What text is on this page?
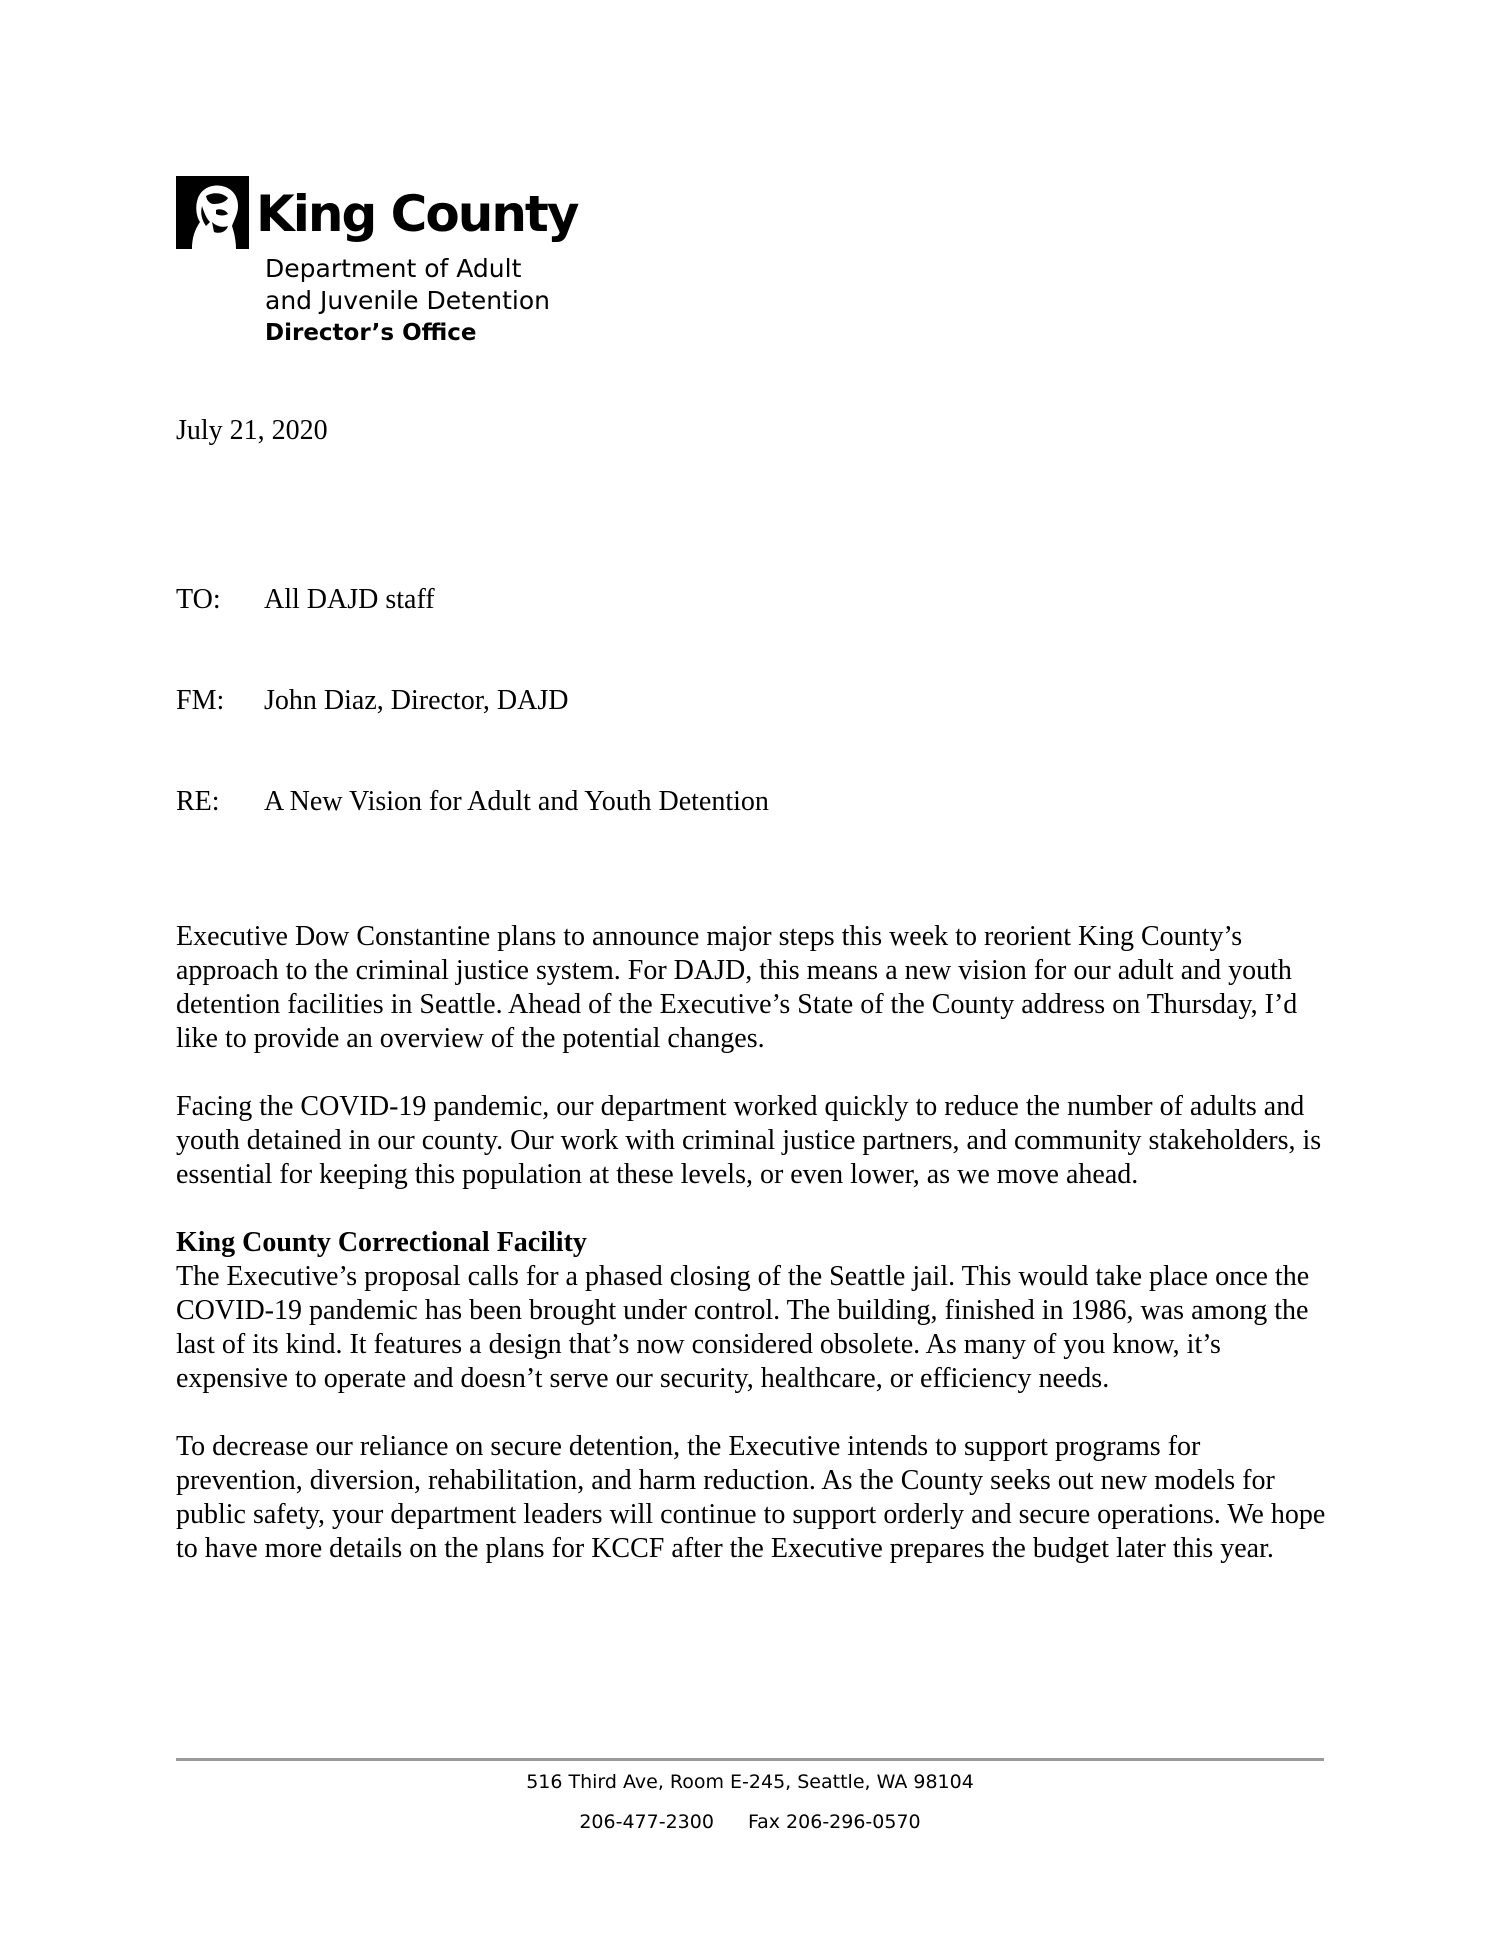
King County
Department of Adult
and Juvenile Detention
Director’s Office
July 21, 2020
TO: All DAJD staff
FM: John Diaz, Director, DAJD
RE: A New Vision for Adult and Youth Detention

Executive Dow Constantine plans to announce major steps this week to reorient King County’s approach to the criminal justice system. For DAJD, this means a new vision for our adult and youth detention facilities in Seattle. Ahead of the Executive’s State of the County address on Thursday, I’d like to provide an overview of the potential changes.

Facing the COVID-19 pandemic, our department worked quickly to reduce the number of adults and youth detained in our county. Our work with criminal justice partners, and community stakeholders, is essential for keeping this population at these levels, or even lower, as we move ahead.

King County Correctional Facility

The Executive’s proposal calls for a phased closing of the Seattle jail. This would take place once the COVID-19 pandemic has been brought under control. The building, finished in 1986, was among the last of its kind. It features a design that’s now considered obsolete. As many of you know, it’s expensive to operate and doesn’t serve our security, healthcare, or efficiency needs.

To decrease our reliance on secure detention, the Executive intends to support programs for prevention, diversion, rehabilitation, and harm reduction. As the County seeks out new models for public safety, your department leaders will continue to support orderly and secure operations. We hope to have more details on the plans for KCCF after the Executive prepares the budget later this year.

516 Third Ave, Room E-245, Seattle, WA 98104
206-477-2300 Fax 206-296-0570
